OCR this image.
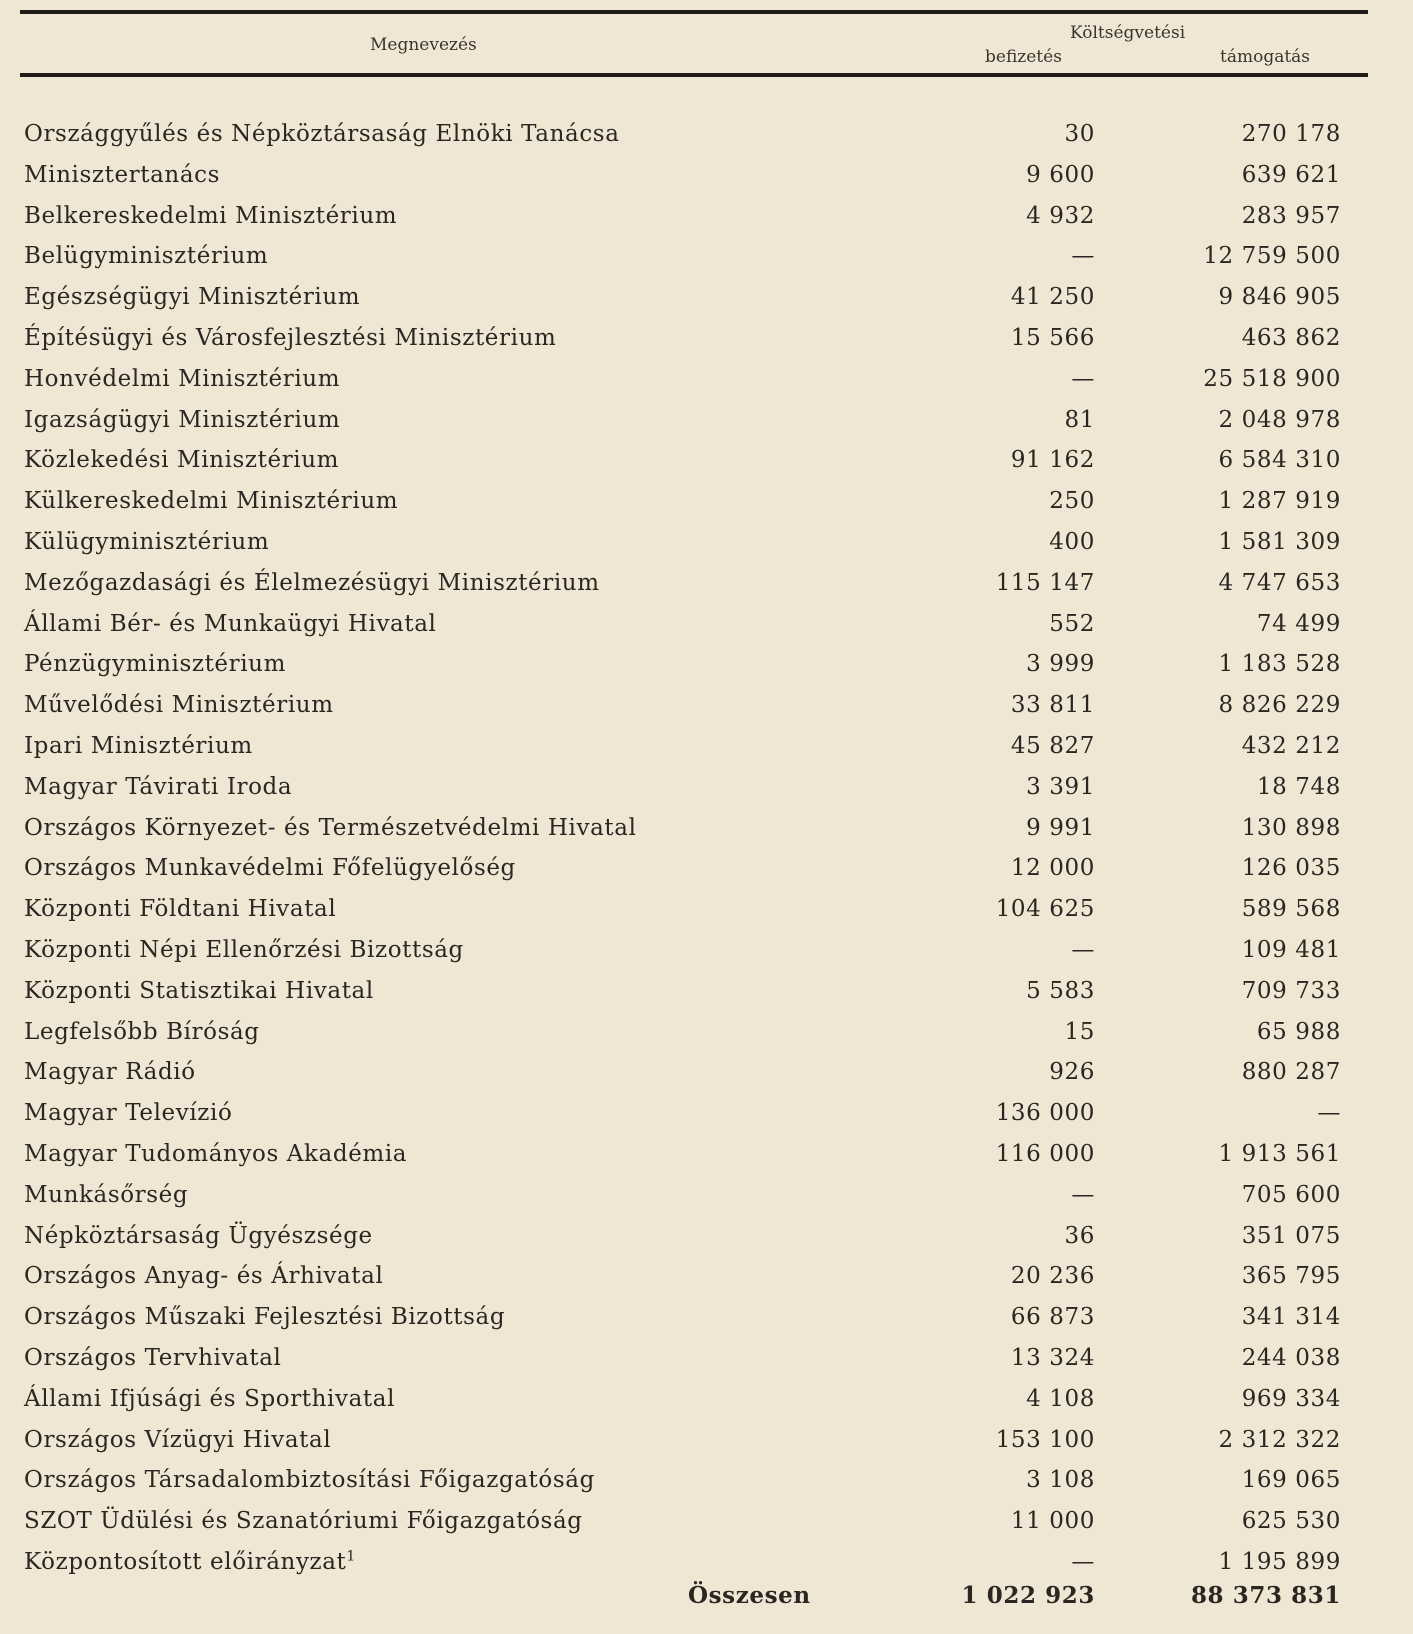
Megnevezés
Költségvetési
befizetés	támogatás
Országgyűlés és Népköztársaság Elnöki Tanácsa	30	270 178
Minisztertanács	9 600	639 621
Belkereskedelmi Minisztérium	4 932	283 957
Belügyminisztérium	—	12 759 500
Egészségügyi Minisztérium	41 250	9 846 905
Építésügyi és Városfejlesztési Minisztérium	15 566	463 862
Honvédelmi Minisztérium	—	25 518 900
Igazságügyi Minisztérium	81	2 048 978
Közlekedési Minisztérium	91 162	6 584 310
Külkereskedelmi Minisztérium	250	1 287 919
Külügyminisztérium	400	1 581 309
Mezőgazdasági és Élelmezésügyi Minisztérium	115 147	4 747 653
Állami Bér- és Munkaügyi Hivatal	552	74 499
Pénzügyminisztérium	3 999	1 183 528
Művelődési Minisztérium	33 811	8 826 229
Ipari Minisztérium	45 827	432 212
Magyar Távirati Iroda	3 391	18 748
Országos Környezet- és Természetvédelmi Hivatal	9 991	130 898
Országos Munkavédelmi Főfelügyelőség	12 000	126 035
Központi Földtani Hivatal	104 625	589 568
Központi Népi Ellenőrzési Bizottság	—	109 481
Központi Statisztikai Hivatal	5 583	709 733
Legfelsőbb Bíróság	15	65 988
Magyar Rádió	926	880 287
Magyar Televízió	136 000	—
Magyar Tudományos Akadémia	116 000	1 913 561
Munkásőrség	—	705 600
Népköztársaság Ügyészsége	36	351 075
Országos Anyag- és Árhivatal	20 236	365 795
Országos Műszaki Fejlesztési Bizottság	66 873	341 314
Országos Tervhivatal	13 324	244 038
Állami Ifjúsági és Sporthivatal	4 108	969 334
Országos Vízügyi Hivatal	153 100	2 312 322
Országos Társadalombiztosítási Főigazgatóság	3 108	169 065
SZOT Üdülési és Szanatóriumi Főigazgatóság	11 000	625 530
Központosított előirányzat$^1$	—	1 195 899
Összesen	1 022 923	88 373 831
